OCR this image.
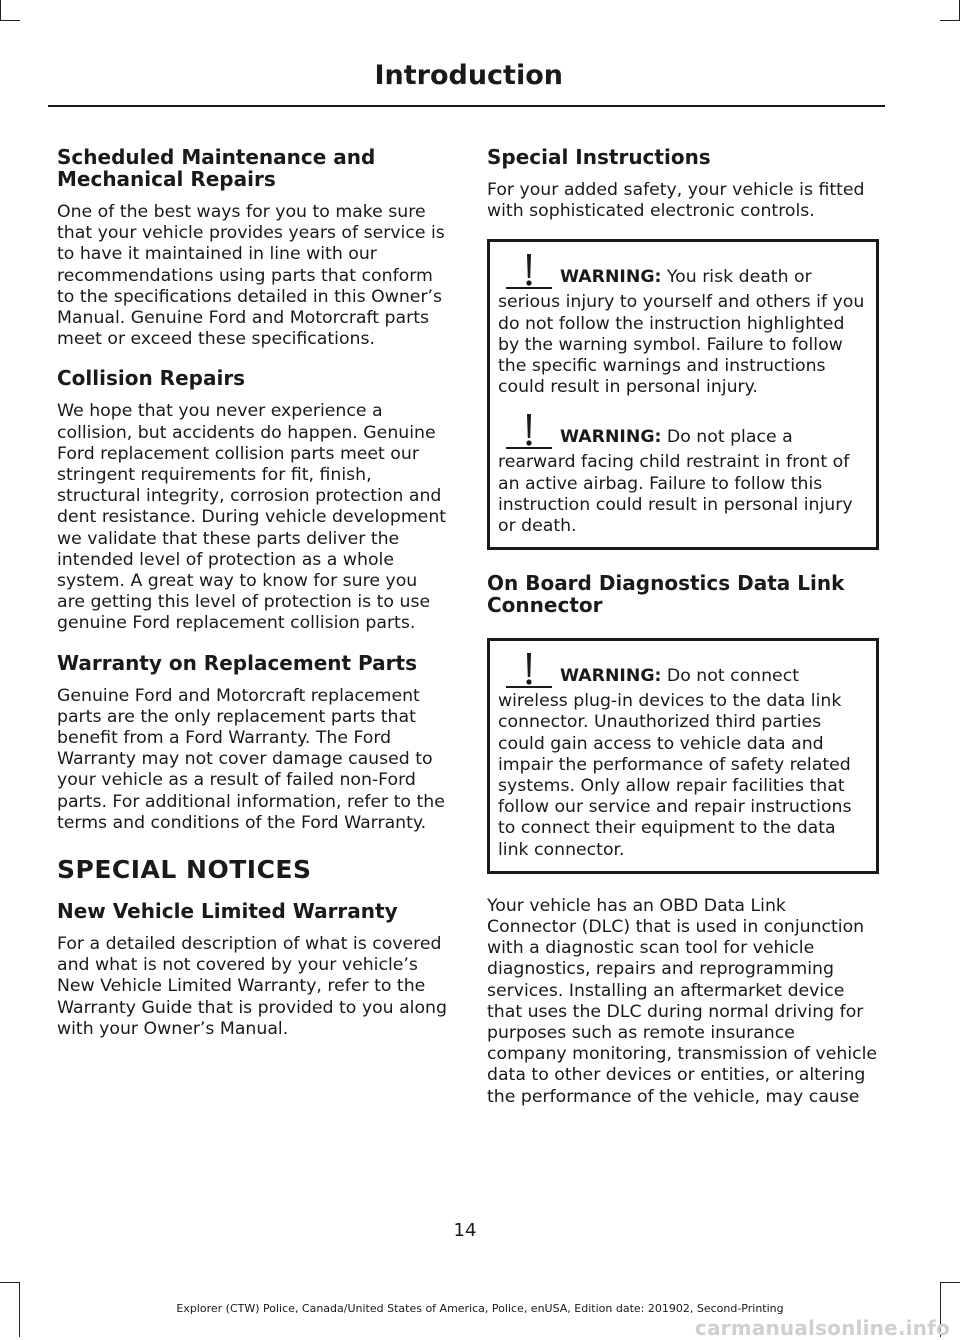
Introduction
Scheduled Maintenance and Mechanical Repairs

One of the best ways for you to make sure that your vehicle provides years of service is to have it maintained in line with our recommendations using parts that conform to the specifications detailed in this Owner’s Manual. Genuine Ford and Motorcraft parts meet or exceed these specifications.

Collision Repairs

We hope that you never experience a collision, but accidents do happen. Genuine Ford replacement collision parts meet our stringent requirements for fit, finish, structural integrity, corrosion protection and dent resistance. During vehicle development we validate that these parts deliver the intended level of protection as a whole system. A great way to know for sure you are getting this level of protection is to use genuine Ford replacement collision parts.

Warranty on Replacement Parts

Genuine Ford and Motorcraft replacement parts are the only replacement parts that benefit from a Ford Warranty. The Ford Warranty may not cover damage caused to your vehicle as a result of failed non-Ford parts. For additional information, refer to the terms and conditions of the Ford Warranty.

SPECIAL NOTICES
New Vehicle Limited Warranty

For a detailed description of what is covered and what is not covered by your vehicle’s New Vehicle Limited Warranty, refer to the Warranty Guide that is provided to you along with your Owner’s Manual.

Special Instructions

For your added safety, your vehicle is fitted with sophisticated electronic controls.

WARNING: You risk death or serious injury to yourself and others if you do not follow the instruction highlighted by the warning symbol. Failure to follow the specific warnings and instructions could result in personal injury.
WARNING: Do not place a rearward facing child restraint in front of an active airbag. Failure to follow this instruction could result in personal injury or death.
On Board Diagnostics Data Link Connector
WARNING: Do not connect wireless plug-in devices to the data link connector. Unauthorized third parties could gain access to vehicle data and impair the performance of safety related systems. Only allow repair facilities that follow our service and repair instructions to connect their equipment to the data link connector.

Your vehicle has an OBD Data Link Connector (DLC) that is used in conjunction with a diagnostic scan tool for vehicle diagnostics, repairs and reprogramming services. Installing an aftermarket device that uses the DLC during normal driving for purposes such as remote insurance company monitoring, transmission of vehicle data to other devices or entities, or altering the performance of the vehicle, may cause

14
Explorer (CTW) Police, Canada/United States of America, Police, enUSA, Edition date: 201902, Second-Printing
carmanualsonline.info
